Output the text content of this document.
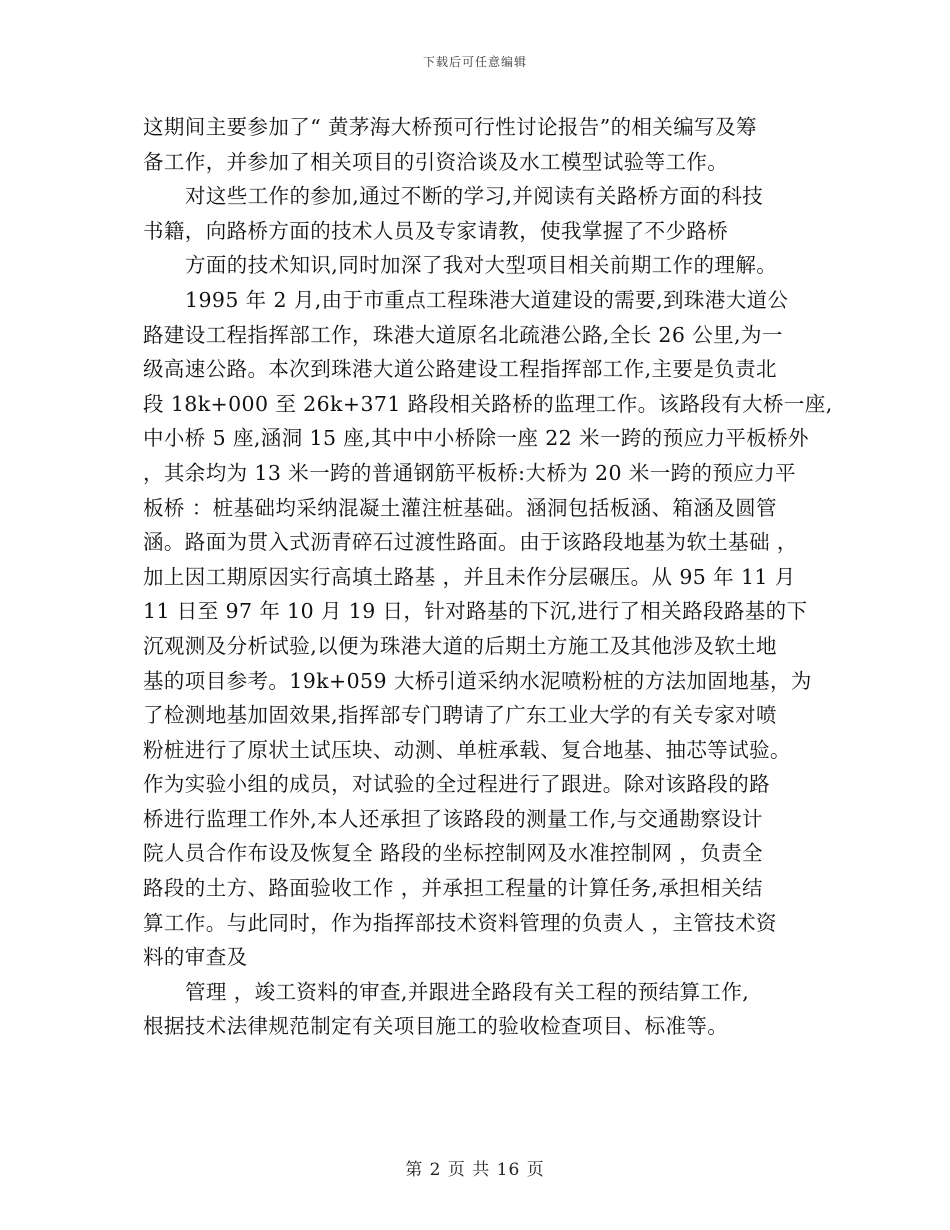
下载后可任意编辑
这期间主要参加了“ 黄茅海大桥预可行性讨论报告”的相关编写及筹
备工作，并参加了相关项目的引资洽谈及水工模型试验等工作。
对这些工作的参加,通过不断的学习,并阅读有关路桥方面的科技
书籍，向路桥方面的技术人员及专家请教，使我掌握了不少路桥
方面的技术知识,同时加深了我对大型项目相关前期工作的理解。
1995 年 2 月,由于市重点工程珠港大道建设的需要,到珠港大道公
路建设工程指挥部工作，珠港大道原名北疏港公路,全长 26 公里,为一
级高速公路。本次到珠港大道公路建设工程指挥部工作,主要是负责北
段 18k+000 至 26k+371 路段相关路桥的监理工作。该路段有大桥一座,
中小桥 5 座,涵洞 15 座,其中中小桥除一座 22 米一跨的预应力平板桥外
，其余均为 13 米一跨的普通钢筋平板桥:大桥为 20 米一跨的预应力平
板桥 ：桩基础均采纳混凝土灌注桩基础。涵洞包括板涵、箱涵及圆管
涵。路面为贯入式沥青碎石过渡性路面。由于该路段地基为软土基础 ，
加上因工期原因实行高填土路基 ，并且未作分层碾压。从 95 年 11 月
11 日至 97 年 10 月 19 日，针对路基的下沉,进行了相关路段路基的下
沉观测及分析试验,以便为珠港大道的后期土方施工及其他涉及软土地
基的项目参考。19k+059 大桥引道采纳水泥喷粉桩的方法加固地基，为
了检测地基加固效果,指挥部专门聘请了广东工业大学的有关专家对喷
粉桩进行了原状土试压块、动测、单桩承载、复合地基、抽芯等试验。
作为实验小组的成员，对试验的全过程进行了跟进。除对该路段的路
桥进行监理工作外,本人还承担了该路段的测量工作,与交通勘察设计
院人员合作布设及恢复全 路段的坐标控制网及水准控制网 ，负责全
路段的土方、路面验收工作 ，并承担工程量的计算任务,承担相关结
算工作。与此同时，作为指挥部技术资料管理的负责人 ，主管技术资
料的审查及
管理 ，竣工资料的审查,并跟进全路段有关工程的预结算工作,
根据技术法律规范制定有关项目施工的验收检查项目、标准等。
第 2 页 共 16 页
